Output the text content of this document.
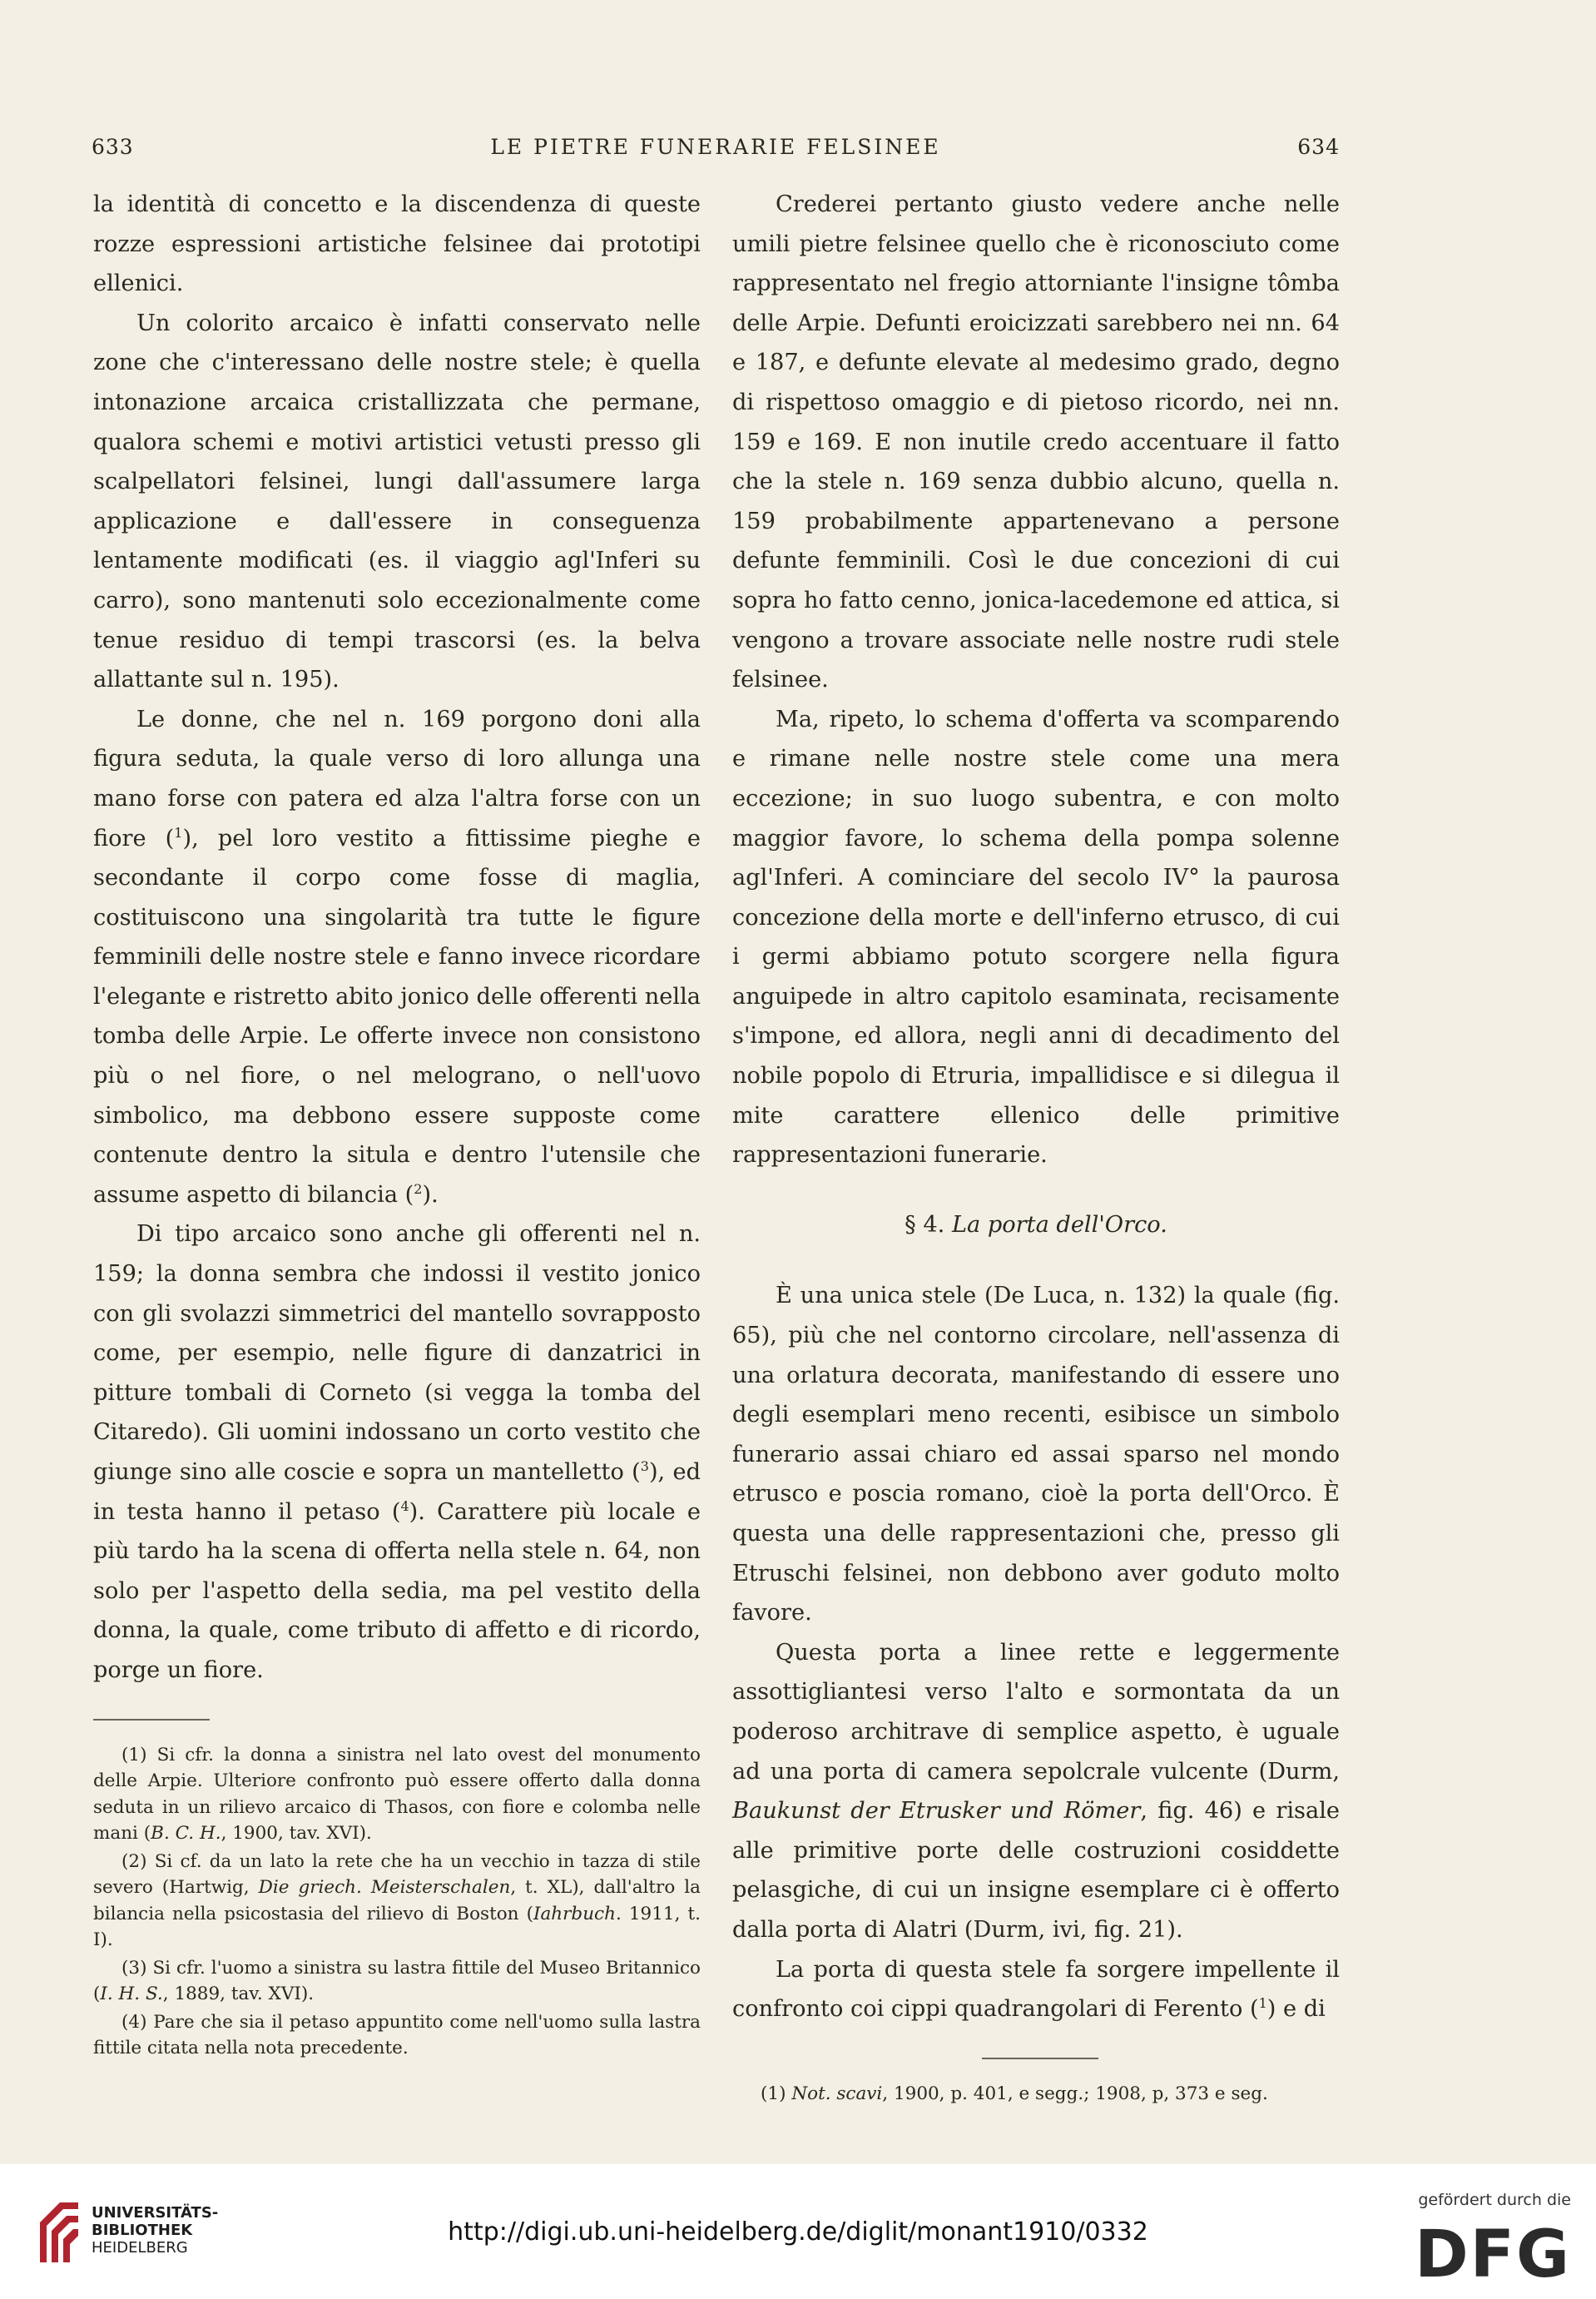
633	LE PIETRE FUNERARIE FELSINEE	634

la identità di concetto e la discendenza di queste rozze espressioni artistiche felsinee dai prototipi ellenici.

Un colorito arcaico è infatti conservato nelle zone che c'interessano delle nostre stele; è quella intonazione arcaica cristallizzata che permane, qualora schemi e motivi artistici vetusti presso gli scalpellatori felsinei, lungi dall'assumere larga applicazione e dall'essere in conseguenza lentamente modificati (es. il viaggio agl'Inferi su carro), sono mantenuti solo eccezionalmente come tenue residuo di tempi trascorsi (es. la belva allattante sul n. 195).

Le donne, che nel n. 169 porgono doni alla figura seduta, la quale verso di loro allunga una mano forse con patera ed alza l'altra forse con un fiore ($^1$), pel loro vestito a fittissime pieghe e secondante il corpo come fosse di maglia, costituiscono una singolarità tra tutte le figure femminili delle nostre stele e fanno invece ricordare l'elegante e ristretto abito jonico delle offerenti nella tomba delle Arpie. Le offerte invece non consistono più o nel fiore, o nel melograno, o nell'uovo simbolico, ma debbono essere supposte come contenute dentro la situla e dentro l'utensile che assume aspetto di bilancia ($^2$).

Di tipo arcaico sono anche gli offerenti nel n. 159; la donna sembra che indossi il vestito jonico con gli svolazzi simmetrici del mantello sovrapposto come, per esempio, nelle figure di danzatrici in pitture tombali di Corneto (si vegga la tomba del Citaredo). Gli uomini indossano un corto vestito che giunge sino alle coscie e sopra un mantelletto ($^3$), ed in testa hanno il petaso ($^4$). Carattere più locale e più tardo ha la scena di offerta nella stele n. 64, non solo per l'aspetto della sedia, ma pel vestito della donna, la quale, come tributo di affetto e di ricordo, porge un fiore.

(1) Si cfr. la donna a sinistra nel lato ovest del monumento delle Arpie. Ulteriore confronto può essere offerto dalla donna seduta in un rilievo arcaico di Thasos, con fiore e colomba nelle mani (B. C. H., 1900, tav. XVI).

(2) Si cf. da un lato la rete che ha un vecchio in tazza di stile severo (Hartwig, Die griech. Meisterschalen, t. XL), dall'altro la bilancia nella psicostasia del rilievo di Boston (Iahrbuch. 1911, t. I).

(3) Si cfr. l'uomo a sinistra su lastra fittile del Museo Britannico (I. H. S., 1889, tav. XVI).

(4) Pare che sia il petaso appuntito come nell'uomo sulla lastra fittile citata nella nota precedente.

Crederei pertanto giusto vedere anche nelle umili pietre felsinee quello che è riconosciuto come rappresentato nel fregio attorniante l'insigne tômba delle Arpie. Defunti eroicizzati sarebbero nei nn. 64 e 187, e defunte elevate al medesimo grado, degno di rispettoso omaggio e di pietoso ricordo, nei nn. 159 e 169. E non inutile credo accentuare il fatto che la stele n. 169 senza dubbio alcuno, quella n. 159 probabilmente appartenevano a persone defunte femminili. Così le due concezioni di cui sopra ho fatto cenno, jonica-lacedemone ed attica, si vengono a trovare associate nelle nostre rudi stele felsinee.

Ma, ripeto, lo schema d'offerta va scomparendo e rimane nelle nostre stele come una mera eccezione; in suo luogo subentra, e con molto maggior favore, lo schema della pompa solenne agl'Inferi. A cominciare del secolo IV° la paurosa concezione della morte e dell'inferno etrusco, di cui i germi abbiamo potuto scorgere nella figura anguipede in altro capitolo esaminata, recisamente s'impone, ed allora, negli anni di decadimento del nobile popolo di Etruria, impallidisce e si dilegua il mite carattere ellenico delle primitive rappresentazioni funerarie.

§ 4. La porta dell'Orco.

È una unica stele (De Luca, n. 132) la quale (fig. 65), più che nel contorno circolare, nell'assenza di una orlatura decorata, manifestando di essere uno degli esemplari meno recenti, esibisce un simbolo funerario assai chiaro ed assai sparso nel mondo etrusco e poscia romano, cioè la porta dell'Orco. È questa una delle rappresentazioni che, presso gli Etruschi felsinei, non debbono aver goduto molto favore.

Questa porta a linee rette e leggermente assottigliantesi verso l'alto e sormontata da un poderoso architrave di semplice aspetto, è uguale ad una porta di camera sepolcrale vulcente (Durm, Baukunst der Etrusker und Römer, fig. 46) e risale alle primitive porte delle costruzioni cosiddette pelasgiche, di cui un insigne esemplare ci è offerto dalla porta di Alatri (Durm, ivi, fig. 21).

La porta di questa stele fa sorgere impellente il confronto coi cippi quadrangolari di Ferento ($^1$) e di

(1) Not. scavi, 1900, p. 401, e segg.; 1908, p, 373 e seg.

UNIVERSITÄTS-
BIBLIOTHEK
HEIDELBERG
http://digi.ub.uni-heidelberg.de/diglit/monant1910/0332
gefördert durch die
DFG
